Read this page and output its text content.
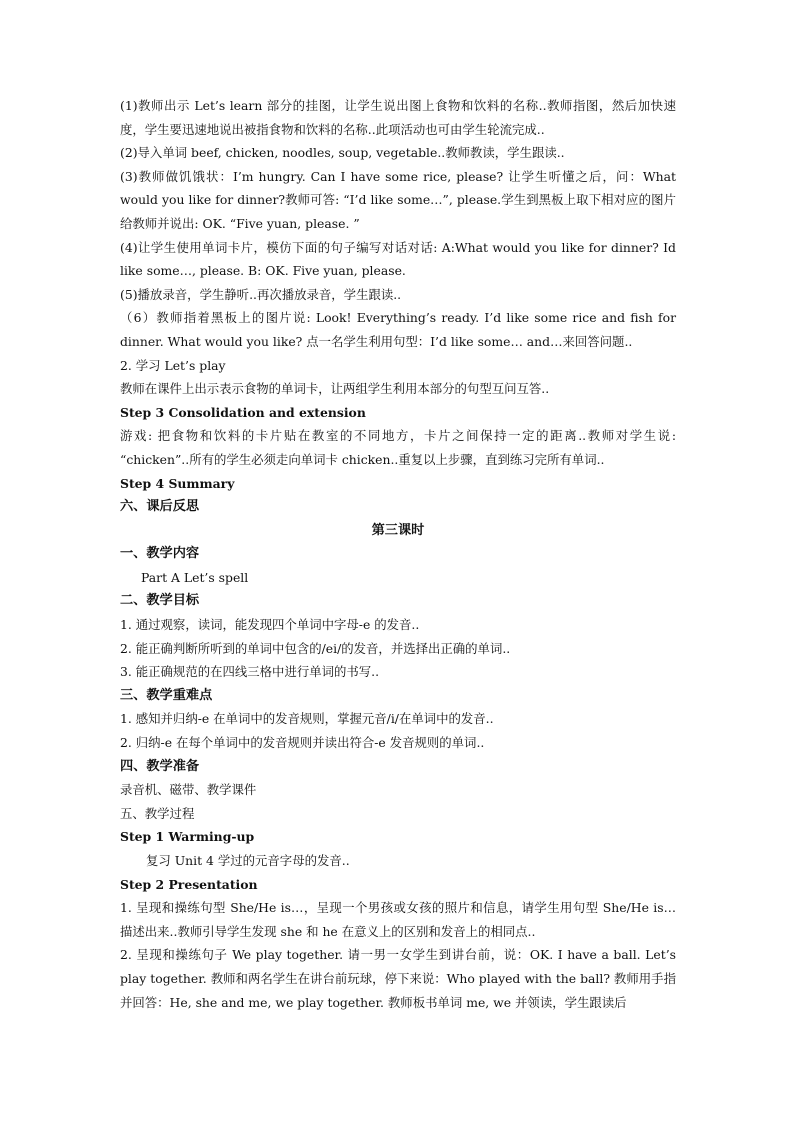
(1)教师出示 Let’s learn 部分的挂图，让学生说出图上食物和饮料的名称..教师指图，然后加快速度，学生要迅速地说出被指食物和饮料的名称..此项活动也可由学生轮流完成..

(2)导入单词 beef, chicken, noodles, soup, vegetable..教师教读，学生跟读..

(3)教师做饥饿状：I’m hungry. Can I have some rice, please? 让学生听懂之后，问：What would you like for dinner?教师可答: “I’d like some…”, please.学生到黑板上取下相对应的图片给教师并说出: OK. “Five yuan, please. ”

(4)让学生使用单词卡片，模仿下面的句子编写对话对话: A:What would you like for dinner? Id like some…, please. B: OK. Five yuan, please.

(5)播放录音，学生静听..再次播放录音，学生跟读..

（6）教师指着黑板上的图片说: Look! Everything’s ready. I’d like some rice and fish for dinner. What would you like? 点一名学生利用句型：I’d like some… and…来回答问题..

2. 学习 Let’s play

教师在课件上出示表示食物的单词卡，让两组学生利用本部分的句型互问互答..

Step 3 Consolidation and extension

游戏: 把食物和饮料的卡片贴在教室的不同地方，卡片之间保持一定的距离..教师对学生说: “chicken”..所有的学生必须走向单词卡 chicken..重复以上步骤，直到练习完所有单词..

Step 4 Summary

六、课后反思

第三课时

一、教学内容

Part A Let’s spell

二、教学目标

1. 通过观察，读词，能发现四个单词中字母-e 的发音..

2. 能正确判断所听到的单词中包含的/ei/的发音，并选择出正确的单词..

3. 能正确规范的在四线三格中进行单词的书写..

三、教学重难点

1. 感知并归纳-e 在单词中的发音规则，掌握元音/i/在单词中的发音..

2. 归纳-e 在每个单词中的发音规则并读出符合-e 发音规则的单词..

四、教学准备

录音机、磁带、教学课件

五、教学过程

Step 1 Warming-up

复习 Unit 4 学过的元音字母的发音..

Step 2 Presentation

1. 呈现和操练句型 She/He is…，呈现一个男孩或女孩的照片和信息，请学生用句型 She/He is… 描述出来..教师引导学生发现 she 和 he 在意义上的区别和发音上的相同点..

2. 呈现和操练句子 We play together. 请一男一女学生到讲台前，说：OK. I have a ball. Let’s play together. 教师和两名学生在讲台前玩球，停下来说：Who played with the ball? 教师用手指并回答：He, she and me, we play together. 教师板书单词 me, we 并领读，学生跟读后
